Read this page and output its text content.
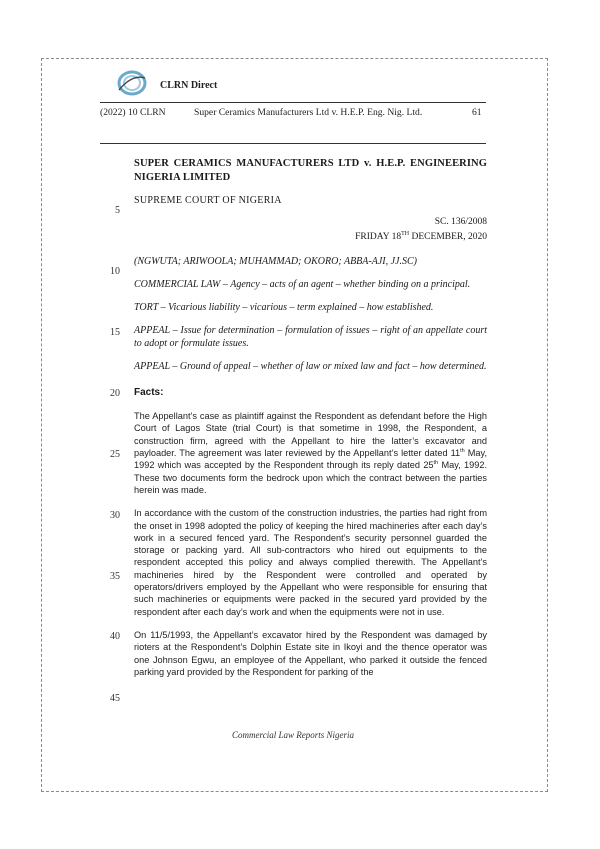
CLRN Direct
(2022) 10 CLRN	Super Ceramics Manufacturers Ltd v. H.E.P. Eng. Nig. Ltd.	61
5
10
15
20
25
30
35
40
45
SUPER CERAMICS MANUFACTURERS LTD v. H.E.P. ENGINEERING NIGERIA LIMITED
SUPREME COURT OF NIGERIA
SC. 136/2008
FRIDAY 18TH DECEMBER, 2020
(NGWUTA; ARIWOOLA; MUHAMMAD; OKORO; ABBA-AJI, JJ.SC)
COMMERCIAL LAW – Agency – acts of an agent – whether binding on a principal.
TORT – Vicarious liability – vicarious – term explained – how established.
APPEAL – Issue for determination – formulation of issues – right of an appellate court to adopt or formulate issues.
APPEAL – Ground of appeal – whether of law or mixed law and fact – how determined.
Facts:
The Appellant’s case as plaintiff against the Respondent as defendant before the High Court of Lagos State (trial Court) is that sometime in 1998, the Respondent, a construction firm, agreed with the Appellant to hire the latter’s excavator and payloader. The agreement was later reviewed by the Appellant’s letter dated 11th May, 1992 which was accepted by the Respondent through its reply dated 25th May, 1992. These two documents form the bedrock upon which the contract between the parties herein was made.
In accordance with the custom of the construction industries, the parties had right from the onset in 1998 adopted the policy of keeping the hired machineries after each day’s work in a secured fenced yard. The Respondent’s security personnel guarded the storage or packing yard. All sub-contractors who hired out equipments to the respondent accepted this policy and always complied therewith. The Appellant’s machineries hired by the Respondent were controlled and operated by operators/drivers employed by the Appellant who were responsible for ensuring that such machineries or equipments were packed in the secured yard provided by the respondent after each day’s work and when the equipments were not in use.
On 11/5/1993, the Appellant’s excavator hired by the Respondent was damaged by rioters at the Respondent’s Dolphin Estate site in Ikoyi and the thence operator was one Johnson Egwu, an employee of the Appellant, who parked it outside the fenced parking yard provided by the Respondent for parking of the
Commercial Law Reports Nigeria
